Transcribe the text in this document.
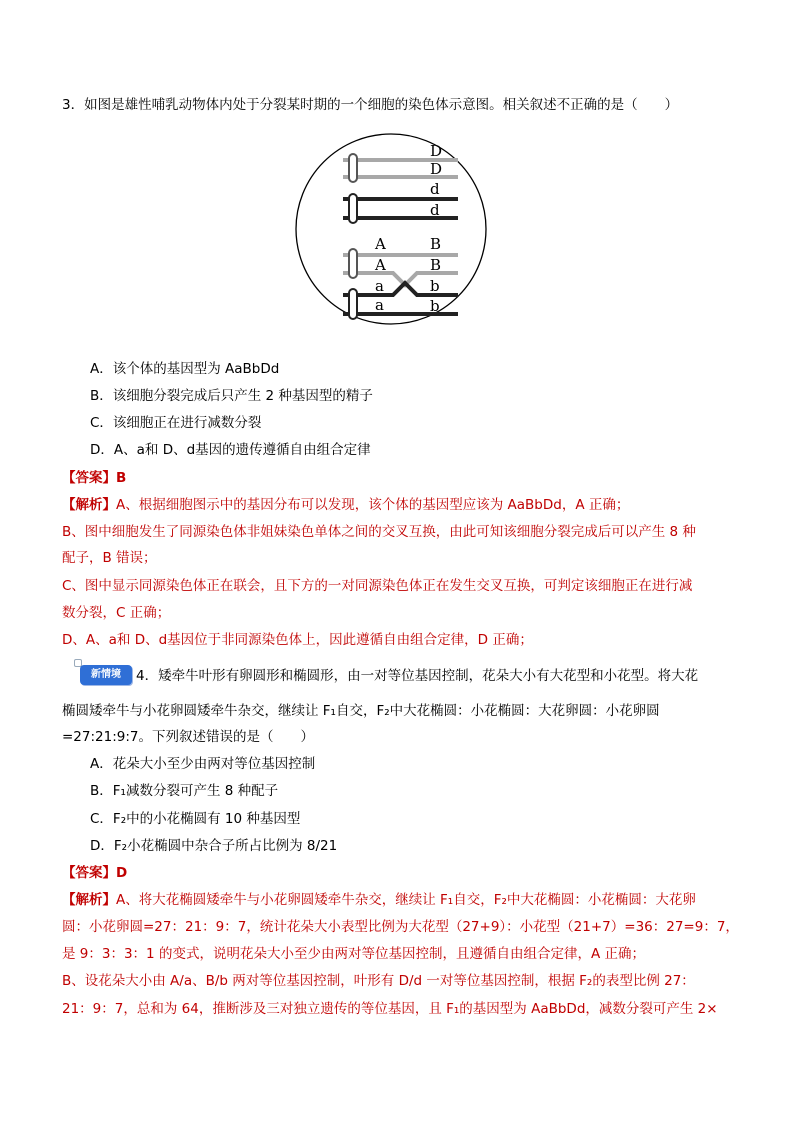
3．如图是雄性哺乳动物体内处于分裂某时期的一个细胞的染色体示意图。相关叙述不正确的是（　　）
D
D
d
d
A
A
a
a
B
B
b
b
A．该个体的基因型为 AaBbDd
B．该细胞分裂完成后只产生 2 种基因型的精子
C．该细胞正在进行减数分裂
D．A、a和 D、d基因的遗传遵循自由组合定律
【答案】B
【解析】A、根据细胞图示中的基因分布可以发现，该个体的基因型应该为 AaBbDd，A 正确；
B、图中细胞发生了同源染色体非姐妹染色单体之间的交叉互换，由此可知该细胞分裂完成后可以产生 8 种
配子，B 错误；
C、图中显示同源染色体正在联会，且下方的一对同源染色体正在发生交叉互换，可判定该细胞正在进行减
数分裂，C 正确；
D、A、a和 D、d基因位于非同源染色体上，因此遵循自由组合定律，D 正确；
新情境	4．矮牵牛叶形有卵圆形和椭圆形，由一对等位基因控制，花朵大小有大花型和小花型。将大花
椭圆矮牵牛与小花卵圆矮牵牛杂交，继续让 F₁自交，F₂中大花椭圆：小花椭圆：大花卵圆：小花卵圆
=27:21:9:7。下列叙述错误的是（　　）
A．花朵大小至少由两对等位基因控制
B．F₁减数分裂可产生 8 种配子
C．F₂中的小花椭圆有 10 种基因型
D．F₂小花椭圆中杂合子所占比例为 8/21
【答案】D
【解析】A、将大花椭圆矮牵牛与小花卵圆矮牵牛杂交，继续让 F₁自交，F₂中大花椭圆：小花椭圆：大花卵
圆：小花卵圆=27：21：9：7，统计花朵大小表型比例为大花型（27+9）：小花型（21+7）=36：27=9：7，
是 9：3：3：1 的变式，说明花朵大小至少由两对等位基因控制，且遵循自由组合定律，A 正确；
B、设花朵大小由 A/a、B/b 两对等位基因控制，叶形有 D/d 一对等位基因控制，根据 F₂的表型比例 27：
21：9：7，总和为 64，推断涉及三对独立遗传的等位基因，且 F₁的基因型为 AaBbDd，减数分裂可产生 2×
